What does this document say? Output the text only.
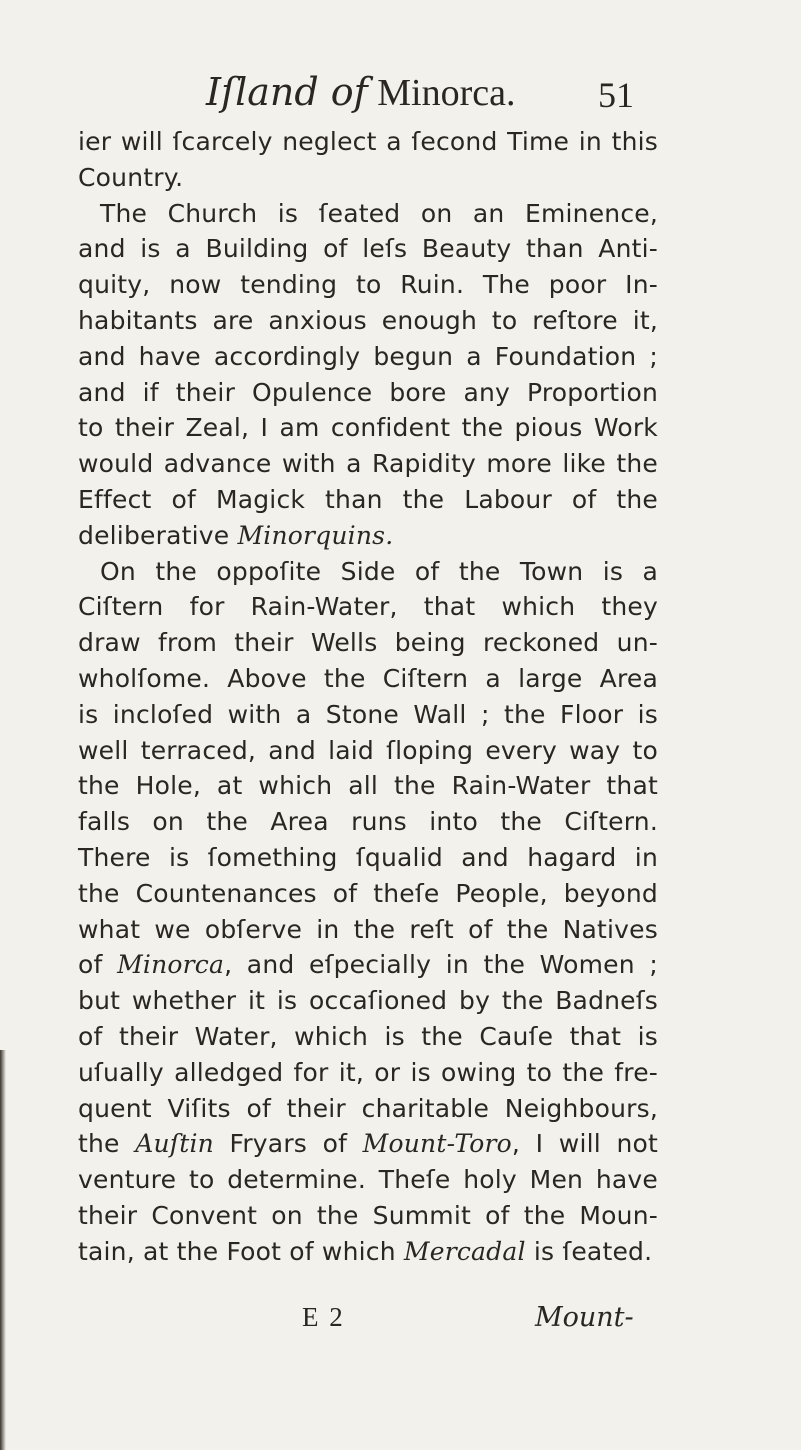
Iſland of Minorca. 51
ier will ſcarcely neglect a ſecond Time in this
Country.
The Church is ſeated on an Eminence,
and is a Building of leſs Beauty than Anti-
quity, now tending to Ruin. The poor In-
habitants are anxious enough to reſtore it,
and have accordingly begun a Foundation ;
and if their Opulence bore any Proportion
to their Zeal, I am confident the pious Work
would advance with a Rapidity more like the
Effect of Magick than the Labour of the
deliberative Minorquins.
On the oppoſite Side of the Town is a
Ciſtern for Rain-Water, that which they
draw from their Wells being reckoned un-
wholſome. Above the Ciſtern a large Area
is incloſed with a Stone Wall ; the Floor is
well terraced, and laid ſloping every way to
the Hole, at which all the Rain-Water that
falls on the Area runs into the Ciſtern.
There is ſomething ſqualid and hagard in
the Countenances of theſe People, beyond
what we obſerve in the reſt of the Natives
of Minorca, and eſpecially in the Women ;
but whether it is occaſioned by the Badneſs
of their Water, which is the Cauſe that is
uſually alledged for it, or is owing to the fre-
quent Viſits of their charitable Neighbours,
the Auſtin Fryars of Mount-Toro, I will not
venture to determine. Theſe holy Men have
their Convent on the Summit of the Moun-
tain, at the Foot of which Mercadal is ſeated.
E 2	Mount-
